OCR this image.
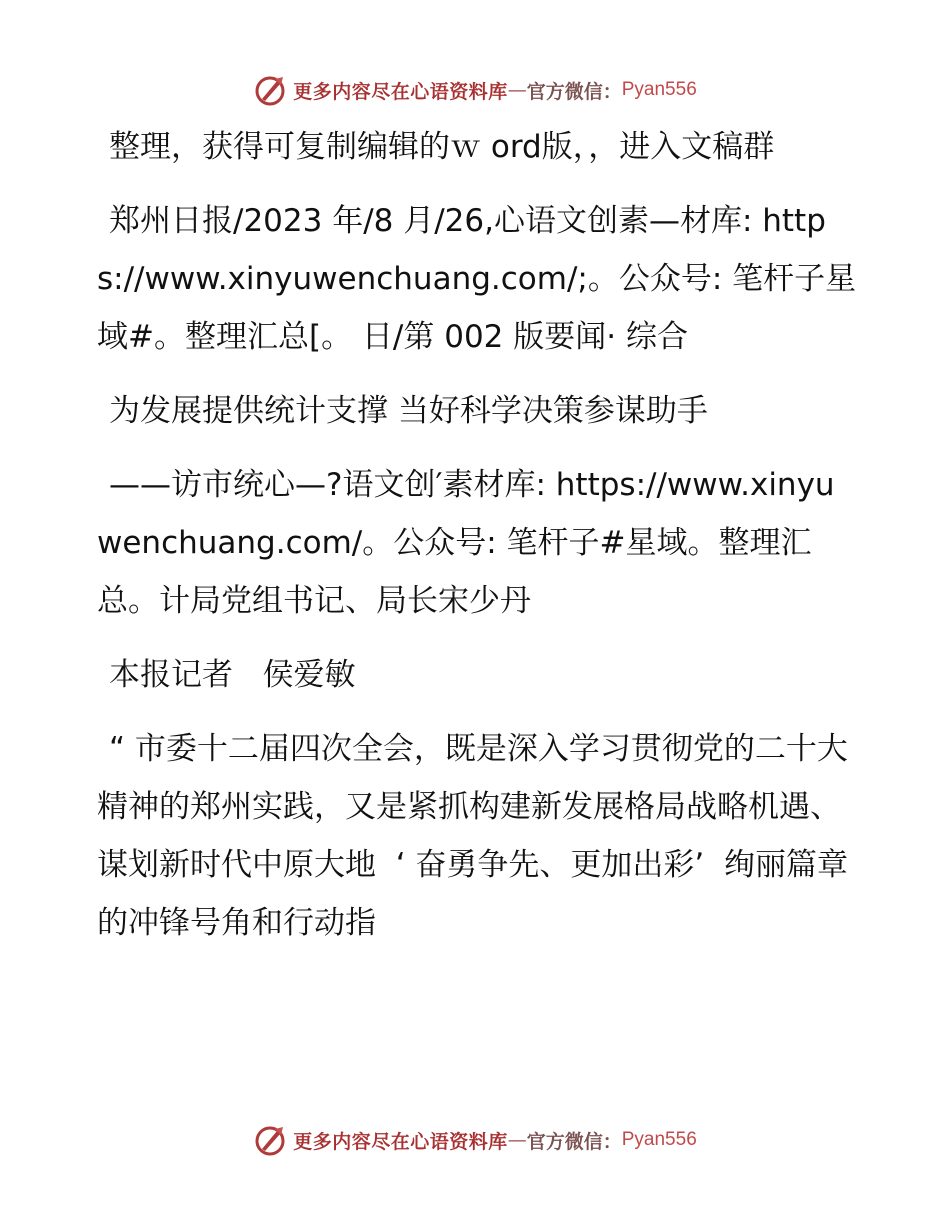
更多内容尽在心语资料库 — 官方微信： Pyan556

整理，获得可复制编辑的ｗ ord版，，进入文稿群

郑州日报/2023 年/8 月/26,心语文创素—材库: https://www.xinyuwenchuang.com/;。公众号: 笔杆子星域#。整理汇总[。 日/第 002 版要闻· 综合

为发展提供统计支撑 当好科学决策参谋助手

——访市统心—?语文创′素材库: https://www.xinyuwenchuang.com/。公众号: 笔杆子#星域。整理汇总。计局党组书记、局长宋少丹

本报记者   侯爱敏

“ 市委十二届四次全会，既是深入学习贯彻党的二十大精神的郑州实践，又是紧抓构建新发展格局战略机遇、 谋划新时代中原大地  ‘ 奋勇争先、更加出彩’  绚丽篇章的冲锋号角和行动指

更多内容尽在心语资料库 — 官方微信： Pyan556
